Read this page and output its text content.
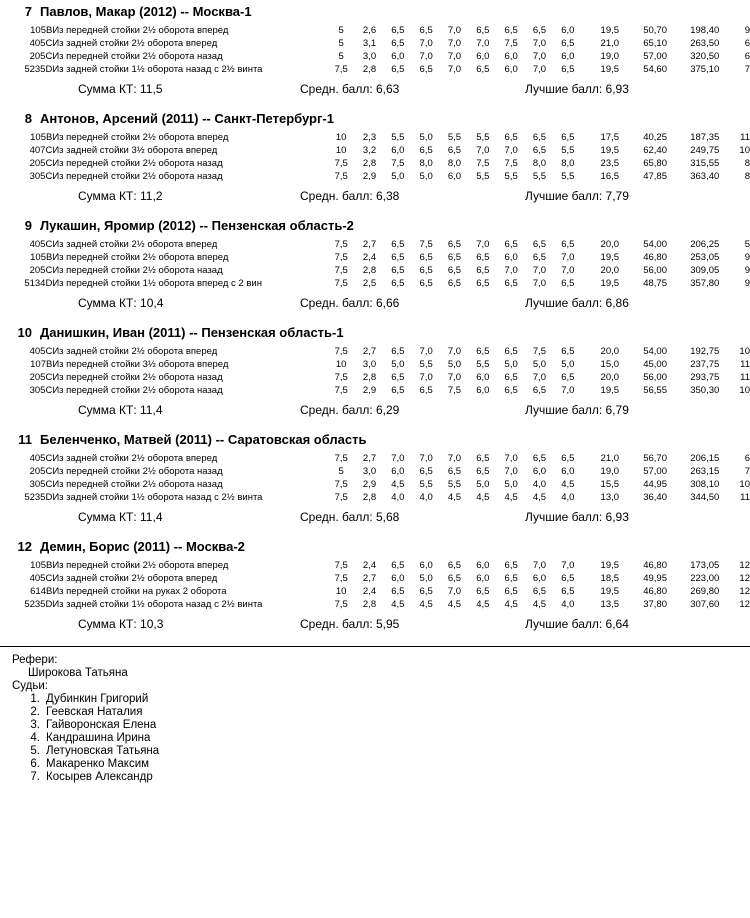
7 Павлов, Макар (2012) -- Москва-1
105B	Из передней стойки 2½ оборота вперед	5	2,6	6,5	6,5	7,0	6,5	6,5	6,5	6,0	19,5	50,70	198,40	9
405C	Из задней стойки 2½ оборота вперед	5	3,1	6,5	7,0	7,0	7,0	7,5	7,0	6,5	21,0	65,10	263,50	6
205C	Из передней стойки 2½ оборота назад	5	3,0	6,0	7,0	7,0	6,0	6,0	7,0	6,0	19,0	57,00	320,50	6
5235D	Из задней стойки 1½ оборота назад с 2½ винта	7,5	2,8	6,5	6,5	7,0	6,5	6,0	7,0	6,5	19,5	54,60	375,10	7
Сумма КТ: 11,5	Средн. балл: 6,63	Лучшие балл: 6,93
8 Антонов, Арсений (2011) -- Санкт-Петербург-1
105B	Из передней стойки 2½ оборота вперед	10	2,3	5,5	5,0	5,5	5,5	6,5	6,5	6,5	17,5	40,25	187,35	11
407C	Из задней стойки 3½ оборота вперед	10	3,2	6,0	6,5	6,5	7,0	7,0	6,5	5,5	19,5	62,40	249,75	10
205C	Из передней стойки 2½ оборота назад	7,5	2,8	7,5	8,0	8,0	7,5	7,5	8,0	8,0	23,5	65,80	315,55	8
305C	Из передней стойки 2½ оборота назад	7,5	2,9	5,0	5,0	6,0	5,5	5,5	5,5	5,5	16,5	47,85	363,40	8
Сумма КТ: 11,2	Средн. балл: 6,38	Лучшие балл: 7,79
9 Лукашин, Яромир (2012) -- Пензенская область-2
405C	Из задней стойки 2½ оборота вперед	7,5	2,7	6,5	7,5	6,5	7,0	6,5	6,5	6,5	20,0	54,00	206,25	5
105B	Из передней стойки 2½ оборота вперед	7,5	2,4	6,5	6,5	6,5	6,5	6,0	6,5	7,0	19,5	46,80	253,05	9
205C	Из передней стойки 2½ оборота назад	7,5	2,8	6,5	6,5	6,5	6,5	7,0	7,0	7,0	20,0	56,00	309,05	9
5134D	Из передней стойки 1½ оборота вперед с 2 вин	7,5	2,5	6,5	6,5	6,5	6,5	6,5	7,0	6,5	19,5	48,75	357,80	9
Сумма КТ: 10,4	Средн. балл: 6,66	Лучшие балл: 6,86
10 Данишкин, Иван (2011) -- Пензенская область-1
405C	Из задней стойки 2½ оборота вперед	7,5	2,7	6,5	7,0	7,0	6,5	6,5	7,5	6,5	20,0	54,00	192,75	10
107B	Из передней стойки 3½ оборота вперед	10	3,0	5,0	5,5	5,0	5,5	5,0	5,0	5,0	15,0	45,00	237,75	11
205C	Из передней стойки 2½ оборота назад	7,5	2,8	6,5	7,0	7,0	6,0	6,5	7,0	6,5	20,0	56,00	293,75	11
305C	Из передней стойки 2½ оборота назад	7,5	2,9	6,5	6,5	7,5	6,0	6,5	6,5	7,0	19,5	56,55	350,30	10
Сумма КТ: 11,4	Средн. балл: 6,29	Лучшие балл: 6,79
11 Беленченко, Матвей (2011) -- Саратовская область
405C	Из задней стойки 2½ оборота вперед	7,5	2,7	7,0	7,0	7,0	6,5	7,0	6,5	6,5	21,0	56,70	206,15	6
205C	Из передней стойки 2½ оборота назад	5	3,0	6,0	6,5	6,5	6,5	7,0	6,0	6,0	19,0	57,00	263,15	7
305C	Из передней стойки 2½ оборота назад	7,5	2,9	4,5	5,5	5,5	5,0	5,0	4,0	4,5	15,5	44,95	308,10	10
5235D	Из задней стойки 1½ оборота назад с 2½ винта	7,5	2,8	4,0	4,0	4,5	4,5	4,5	4,5	4,0	13,0	36,40	344,50	11
Сумма КТ: 11,4	Средн. балл: 5,68	Лучшие балл: 6,93
12 Демин, Борис (2011) -- Москва-2
105B	Из передней стойки 2½ оборота вперед	7,5	2,4	6,5	6,0	6,5	6,0	6,5	7,0	7,0	19,5	46,80	173,05	12
405C	Из задней стойки 2½ оборота вперед	7,5	2,7	6,0	5,0	6,5	6,0	6,5	6,0	6,5	18,5	49,95	223,00	12
614B	Из передней стойки на руках 2 оборота	10	2,4	6,5	6,5	7,0	6,5	6,5	6,5	6,5	19,5	46,80	269,80	12
5235D	Из задней стойки 1½ оборота назад с 2½ винта	7,5	2,8	4,5	4,5	4,5	4,5	4,5	4,5	4,0	13,5	37,80	307,60	12
Сумма КТ: 10,3	Средн. балл: 5,95	Лучшие балл: 6,64
Рефери:
Широкова Татьяна
Судьи:
1. Дубинкин Григорий
2. Геевская Наталия
3. Гайворонская Елена
4. Кандрашина Ирина
5. Летуновская Татьяна
6. Макаренко Максим
7. Косырев Александр
